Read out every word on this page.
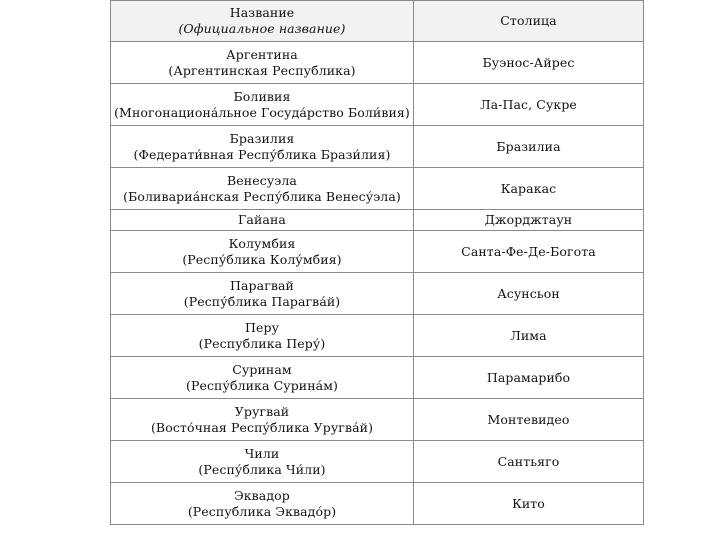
Название
(Официальное название)	Столица

Аргентина
(Аргентинская Республика)	Буэнос-Айрес

Боливия
(Многонациона́льное Госуда́рство Боли́вия)	Ла-Пас, Сукре

Бразилия
(Федерати́вная Респу́блика Брази́лия)	Бразилиа

Венесуэла
(Боливариа́нская Респу́блика Венесу́эла)	Каракас

Гайана	Джорджтаун

Колумбия
(Респу́блика Колу́мбия)	Санта-Фе-Де-Богота

Парагвай
(Респу́блика Парагва́й)	Асунсьон

Перу
(Республика Перу́)	Лима

Суринам
(Респу́блика Сурина́м)	Парамарибо

Уругвай
(Восто́чная Респу́блика Уругва́й)	Монтевидео

Чили
(Респу́блика Чи́ли)	Сантьяго

Эквадор
(Республика Эквадо́р)	Кито
